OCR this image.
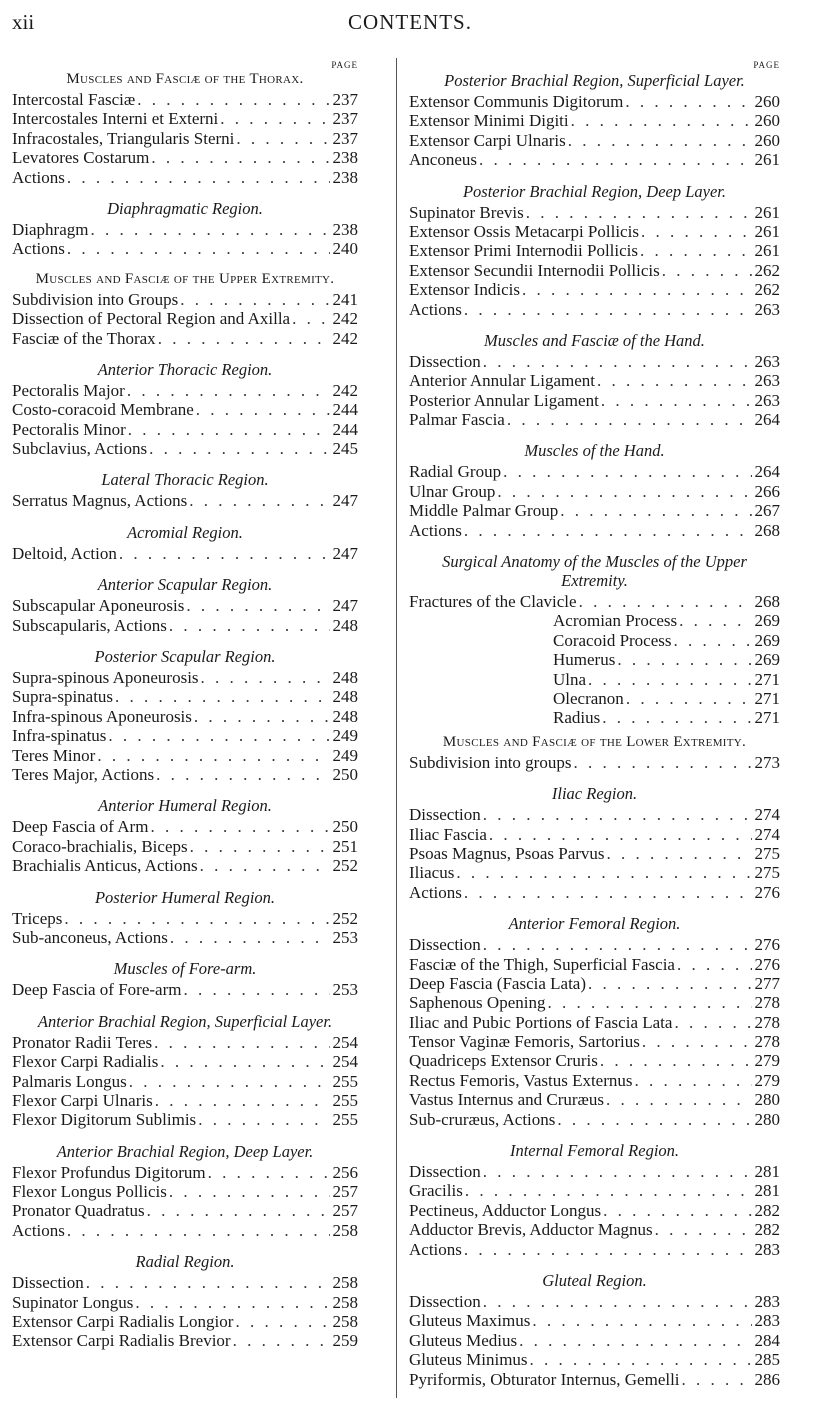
xii	CONTENTS.
PAGE
Muscles and Fasciæ of the Thorax.
Intercostal Fasciæ . . .	237
Intercostales Interni et Externi . . .	237
Infracostales, Triangularis Sterni . . .	237
Levatores Costarum . . .	238
Actions . . .	238
Diaphragmatic Region.
Diaphragm . . .	238
Actions . . .	240
Muscles and Fasciæ of the Upper Extremity.
Subdivision into Groups . . .	241
Dissection of Pectoral Region and Axilla . . . 242
Fasciæ of the Thorax . . .	242
Anterior Thoracic Region.
Pectoralis Major . . .	242
Costo-coracoid Membrane . . .	244
Pectoralis Minor . . .	244
Subclavius, Actions . . .	245
Lateral Thoracic Region.
Serratus Magnus, Actions . . .	247
Acromial Region.
Deltoid, Action . . .	247
Anterior Scapular Region.
Subscapular Aponeurosis . . .	247
Subscapularis, Actions . . .	248
Posterior Scapular Region.
Supra-spinous Aponeurosis . . .	248
Supra-spinatus . . .	248
Infra-spinous Aponeurosis . . .	248
Infra-spinatus . . .	249
Teres Minor . . .	249
Teres Major, Actions . . .	250
Anterior Humeral Region.
Deep Fascia of Arm . . .	250
Coraco-brachialis, Biceps . . .	251
Brachialis Anticus, Actions . . .	252
Posterior Humeral Region.
Triceps . . .	252
Sub-anconeus, Actions . . .	253
Muscles of Fore-arm.
Deep Fascia of Fore-arm . . .	253
Anterior Brachial Region, Superficial Layer.
Pronator Radii Teres . . .	254
Flexor Carpi Radialis . . .	254
Palmaris Longus . . .	255
Flexor Carpi Ulnaris . . .	255
Flexor Digitorum Sublimis . . .	255
Anterior Brachial Region, Deep Layer.
Flexor Profundus Digitorum . . .	256
Flexor Longus Pollicis . . .	257
Pronator Quadratus . . .	257
Actions . . .	258
Radial Region.
Dissection . . .	258
Supinator Longus . . .	258
Extensor Carpi Radialis Longior . . .	258
Extensor Carpi Radialis Brevior . . .	259
PAGE
Posterior Brachial Region, Superficial Layer.
Extensor Communis Digitorum . . .	260
Extensor Minimi Digiti . . .	260
Extensor Carpi Ulnaris . . .	260
Anconeus . . .	261
Posterior Brachial Region, Deep Layer.
Supinator Brevis . . .	261
Extensor Ossis Metacarpi Pollicis . . .	261
Extensor Primi Internodii Pollicis . . .	261
Extensor Secundii Internodii Pollicis . . .	262
Extensor Indicis . . .	262
Actions . . .	263
Muscles and Fasciæ of the Hand.
Dissection . . .	263
Anterior Annular Ligament . . .	263
Posterior Annular Ligament . . .	263
Palmar Fascia . . .	264
Muscles of the Hand.
Radial Group . . .	264
Ulnar Group . . .	266
Middle Palmar Group . . .	267
Actions . . .	268
Surgical Anatomy of the Muscles of the Upper Extremity.
Fractures of the Clavicle . . .	268
Acromian Process . . .	269
Coracoid Process . . .	269
Humerus . . .	269
Ulna . . .	271
Olecranon . . .	271
Radius . . .	271
Muscles and Fasciæ of the Lower Extremity.
Subdivision into groups . . .	273
Iliac Region.
Dissection . . .	274
Iliac Fascia . . .	274
Psoas Magnus, Psoas Parvus . . .	275
Iliacus . . .	275
Actions . . .	276
Anterior Femoral Region.
Dissection . . .	276
Fasciæ of the Thigh, Superficial Fascia . . .	276
Deep Fascia (Fascia Lata) . . .	277
Saphenous Opening . . .	278
Iliac and Pubic Portions of Fascia Lata . . .	278
Tensor Vaginæ Femoris, Sartorius . . .	278
Quadriceps Extensor Cruris . . .	279
Rectus Femoris, Vastus Externus . . .	279
Vastus Internus and Cruræus . . .	280
Sub-cruræus, Actions . . .	280
Internal Femoral Region.
Dissection . . .	281
Gracilis . . .	281
Pectineus, Adductor Longus . . .	282
Adductor Brevis, Adductor Magnus . . .	282
Actions . . .	283
Gluteal Region.
Dissection . . .	283
Gluteus Maximus . . .	283
Gluteus Medius . . .	284
Gluteus Minimus . . .	285
Pyriformis, Obturator Internus, Gemelli . . .	286
